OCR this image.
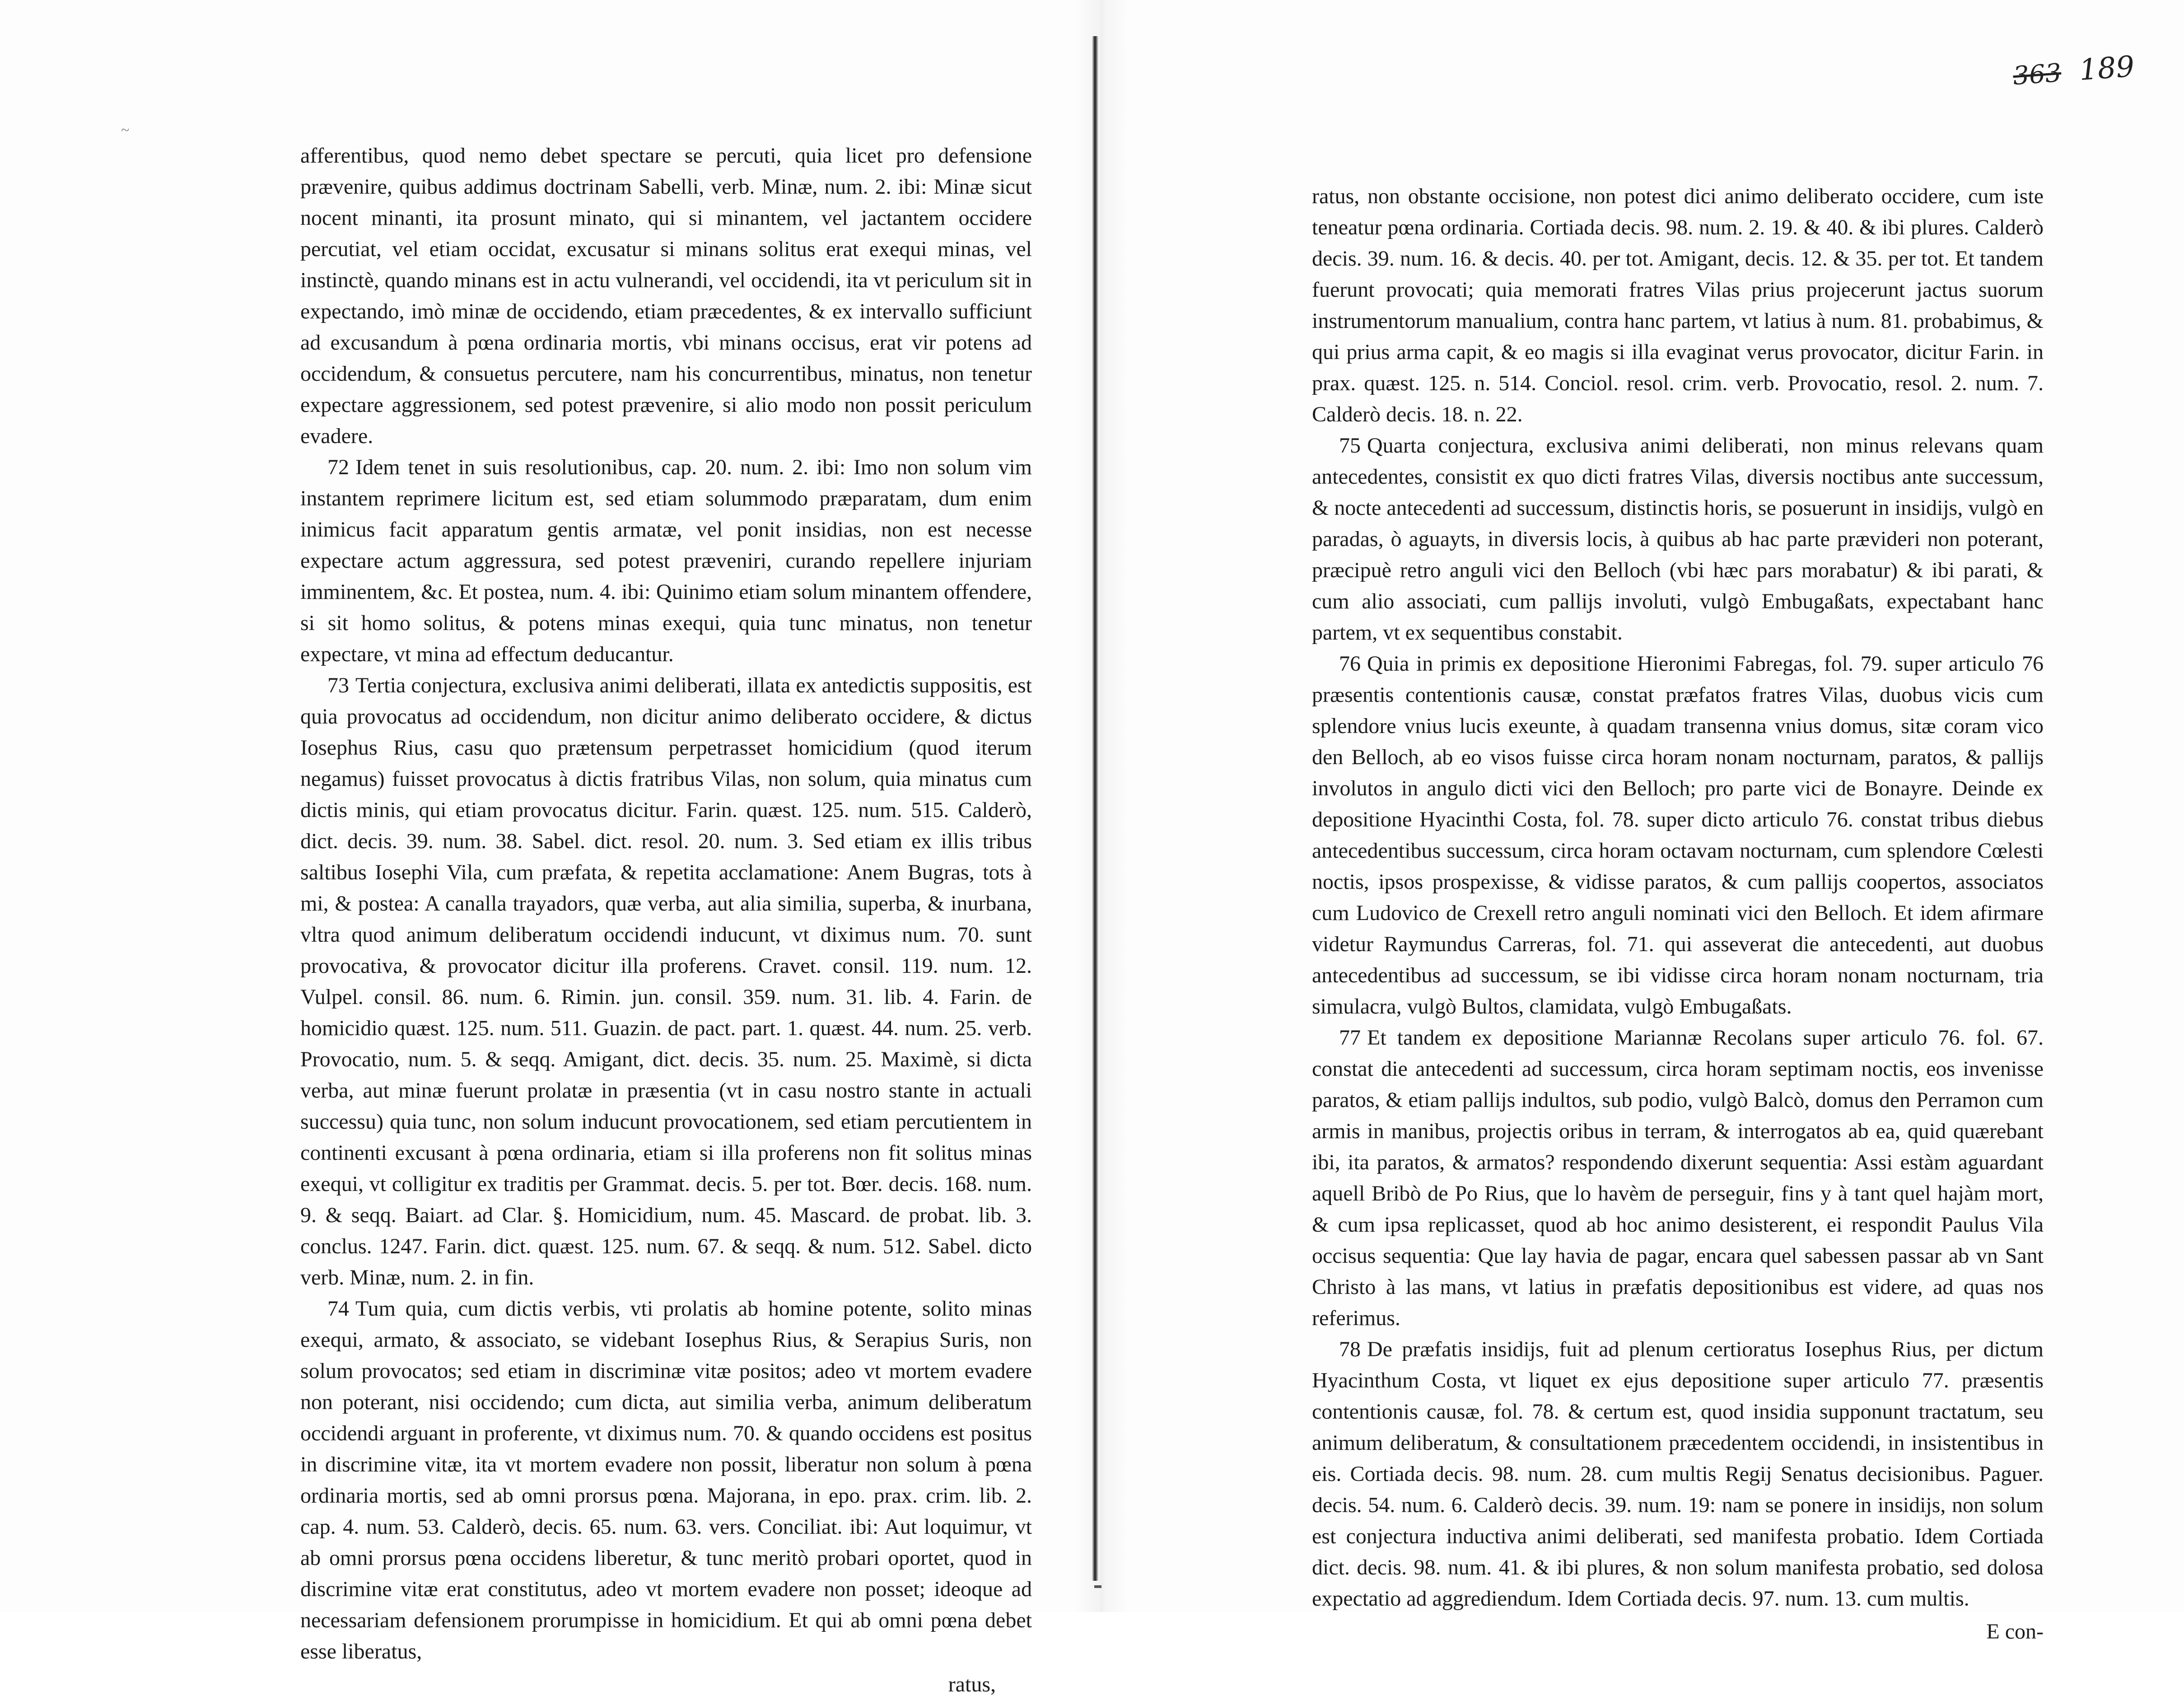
~
363 189

afferentibus, quod nemo debet spectare se percuti, quia licet pro defensione prævenire, quibus addimus doctrinam Sabelli, verb. Minæ, num. 2. ibi: Minæ sicut nocent minanti, ita prosunt minato, qui si minantem, vel jactantem occidere percutiat, vel etiam occidat, excusatur si minans solitus erat exequi minas, vel instinctè, quando minans est in actu vulnerandi, vel occidendi, ita vt periculum sit in expectando, imò minæ de occidendo, etiam præcedentes, & ex intervallo sufficiunt ad excusandum à pœna ordinaria mortis, vbi minans occisus, erat vir potens ad occidendum, & consuetus percutere, nam his concurrentibus, minatus, non tenetur expectare aggressionem, sed potest prævenire, si alio modo non possit periculum evadere.

72 Idem tenet in suis resolutionibus, cap. 20. num. 2. ibi: Imo non solum vim instantem reprimere licitum est, sed etiam solummodo præparatam, dum enim inimicus facit apparatum gentis armatæ, vel ponit insidias, non est necesse expectare actum aggressura, sed potest præveniri, curando repellere injuriam imminentem, &c. Et postea, num. 4. ibi: Quinimo etiam solum minantem offendere, si sit homo solitus, & potens minas exequi, quia tunc minatus, non tenetur expectare, vt mina ad effectum deducantur.

73 Tertia conjectura, exclusiva animi deliberati, illata ex antedictis suppositis, est quia provocatus ad occidendum, non dicitur animo deliberato occidere, & dictus Iosephus Rius, casu quo prætensum perpetrasset homicidium (quod iterum negamus) fuisset provocatus à dictis fratribus Vilas, non solum, quia minatus cum dictis minis, qui etiam provocatus dicitur. Farin. quæst. 125. num. 515. Calderò, dict. decis. 39. num. 38. Sabel. dict. resol. 20. num. 3. Sed etiam ex illis tribus saltibus Iosephi Vila, cum præfata, & repetita acclamatione: Anem Bugras, tots à mi, & postea: A canalla trayadors, quæ verba, aut alia similia, superba, & inurbana, vltra quod animum deliberatum occidendi inducunt, vt diximus num. 70. sunt provocativa, & provocator dicitur illa proferens. Cravet. consil. 119. num. 12. Vulpel. consil. 86. num. 6. Rimin. jun. consil. 359. num. 31. lib. 4. Farin. de homicidio quæst. 125. num. 511. Guazin. de pact. part. 1. quæst. 44. num. 25. verb. Provocatio, num. 5. & seqq. Amigant, dict. decis. 35. num. 25. Maximè, si dicta verba, aut minæ fuerunt prolatæ in præsentia (vt in casu nostro stante in actuali successu) quia tunc, non solum inducunt provocationem, sed etiam percutientem in continenti excusant à pœna ordinaria, etiam si illa proferens non fit solitus minas exequi, vt colligitur ex traditis per Grammat. decis. 5. per tot. Bœr. decis. 168. num. 9. & seqq. Baiart. ad Clar. §. Homicidium, num. 45. Mascard. de probat. lib. 3. conclus. 1247. Farin. dict. quæst. 125. num. 67. & seqq. & num. 512. Sabel. dicto verb. Minæ, num. 2. in fin.

74 Tum quia, cum dictis verbis, vti prolatis ab homine potente, solito minas exequi, armato, & associato, se videbant Iosephus Rius, & Serapius Suris, non solum provocatos; sed etiam in discriminæ vitæ positos; adeo vt mortem evadere non poterant, nisi occidendo; cum dicta, aut similia verba, animum deliberatum occidendi arguant in proferente, vt diximus num. 70. & quando occidens est positus in discrimine vitæ, ita vt mortem evadere non possit, liberatur non solum à pœna ordinaria mortis, sed ab omni prorsus pœna. Majorana, in epo. prax. crim. lib. 2. cap. 4. num. 53. Calderò, decis. 65. num. 63. vers. Conciliat. ibi: Aut loquimur, vt ab omni prorsus pœna occidens liberetur, & tunc meritò probari oportet, quod in discrimine vitæ erat constitutus, adeo vt mortem evadere non posset; ideoque ad necessariam defensionem prorumpisse in homicidium. Et qui ab omni pœna debet esse liberatus,

ratus,

ratus, non obstante occisione, non potest dici animo deliberato occidere, cum iste teneatur pœna ordinaria. Cortiada decis. 98. num. 2. 19. & 40. & ibi plures. Calderò decis. 39. num. 16. & decis. 40. per tot. Amigant, decis. 12. & 35. per tot. Et tandem fuerunt provocati; quia memorati fratres Vilas prius projecerunt jactus suorum instrumentorum manualium, contra hanc partem, vt latius à num. 81. probabimus, & qui prius arma capit, & eo magis si illa evaginat verus provocator, dicitur Farin. in prax. quæst. 125. n. 514. Conciol. resol. crim. verb. Provocatio, resol. 2. num. 7. Calderò decis. 18. n. 22.

75 Quarta conjectura, exclusiva animi deliberati, non minus relevans quam antecedentes, consistit ex quo dicti fratres Vilas, diversis noctibus ante successum, & nocte antecedenti ad successum, distinctis horis, se posuerunt in insidijs, vulgò en paradas, ò aguayts, in diversis locis, à quibus ab hac parte prævideri non poterant, præcipuè retro anguli vici den Belloch (vbi hæc pars morabatur) & ibi parati, & cum alio associati, cum pallijs involuti, vulgò Embugaßats, expectabant hanc partem, vt ex sequentibus constabit.

76 Quia in primis ex depositione Hieronimi Fabregas, fol. 79. super articulo 76 præsentis contentionis causæ, constat præfatos fratres Vilas, duobus vicis cum splendore vnius lucis exeunte, à quadam transenna vnius domus, sitæ coram vico den Belloch, ab eo visos fuisse circa horam nonam nocturnam, paratos, & pallijs involutos in angulo dicti vici den Belloch; pro parte vici de Bonayre. Deinde ex depositione Hyacinthi Costa, fol. 78. super dicto articulo 76. constat tribus diebus antecedentibus successum, circa horam octavam nocturnam, cum splendore Cœlesti noctis, ipsos prospexisse, & vidisse paratos, & cum pallijs coopertos, associatos cum Ludovico de Crexell retro anguli nominati vici den Belloch. Et idem afirmare videtur Raymundus Carreras, fol. 71. qui asseverat die antecedenti, aut duobus antecedentibus ad successum, se ibi vidisse circa horam nonam nocturnam, tria simulacra, vulgò Bultos, clamidata, vulgò Embugaßats.

77 Et tandem ex depositione Mariannæ Recolans super articulo 76. fol. 67. constat die antecedenti ad successum, circa horam septimam noctis, eos invenisse paratos, & etiam pallijs indultos, sub podio, vulgò Balcò, domus den Perramon cum armis in manibus, projectis oribus in terram, & interrogatos ab ea, quid quærebant ibi, ita paratos, & armatos? respondendo dixerunt sequentia: Assi estàm aguardant aquell Bribò de Po Rius, que lo havèm de perseguir, fins y à tant quel hajàm mort, & cum ipsa replicasset, quod ab hoc animo desisterent, ei respondit Paulus Vila occisus sequentia: Que lay havia de pagar, encara quel sabessen passar ab vn Sant Christo à las mans, vt latius in præfatis depositionibus est videre, ad quas nos referimus.

78 De præfatis insidijs, fuit ad plenum certioratus Iosephus Rius, per dictum Hyacinthum Costa, vt liquet ex ejus depositione super articulo 77. præsentis contentionis causæ, fol. 78. & certum est, quod insidia supponunt tractatum, seu animum deliberatum, & consultationem præcedentem occidendi, in insistentibus in eis. Cortiada decis. 98. num. 28. cum multis Regij Senatus decisionibus. Paguer. decis. 54. num. 6. Calderò decis. 39. num. 19: nam se ponere in insidijs, non solum est conjectura inductiva animi deliberati, sed manifesta probatio. Idem Cortiada dict. decis. 98. num. 41. & ibi plures, & non solum manifesta probatio, sed dolosa expectatio ad aggrediendum. Idem Cortiada decis. 97. num. 13. cum multis.

E con-
